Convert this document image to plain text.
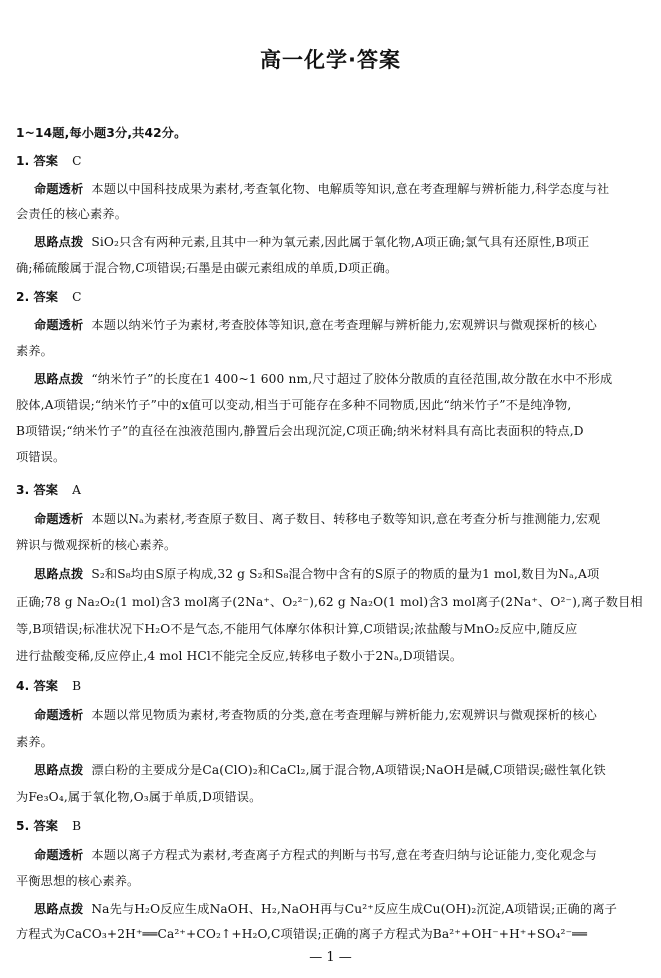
高一化学·答案
1~14题,每小题3分,共42分。
1. 答案 C
命题透析 本题以中国科技成果为素材,考查氧化物、电解质等知识,意在考查理解与辨析能力,科学态度与社
会责任的核心素养。
思路点拨 SiO₂只含有两种元素,且其中一种为氧元素,因此属于氧化物,A项正确;氯气具有还原性,B项正
确;稀硫酸属于混合物,C项错误;石墨是由碳元素组成的单质,D项正确。
2. 答案 C
命题透析 本题以纳米竹子为素材,考查胶体等知识,意在考查理解与辨析能力,宏观辨识与微观探析的核心
素养。
思路点拨 “纳米竹子”的长度在1 400~1 600 nm,尺寸超过了胶体分散质的直径范围,故分散在水中不形成
胶体,A项错误;“纳米竹子”中的x值可以变动,相当于可能存在多种不同物质,因此“纳米竹子”不是纯净物,
B项错误;“纳米竹子”的直径在浊液范围内,静置后会出现沉淀,C项正确;纳米材料具有高比表面积的特点,D
项错误。
3. 答案 A
命题透析 本题以Nₐ为素材,考查原子数目、离子数目、转移电子数等知识,意在考查分析与推测能力,宏观
辨识与微观探析的核心素养。
思路点拨 S₂和S₈均由S原子构成,32 g S₂和S₈混合物中含有的S原子的物质的量为1 mol,数目为Nₐ,A项
正确;78 g Na₂O₂(1 mol)含3 mol离子(2Na⁺、O₂²⁻),62 g Na₂O(1 mol)含3 mol离子(2Na⁺、O²⁻),离子数目相
等,B项错误;标准状况下H₂O不是气态,不能用气体摩尔体积计算,C项错误;浓盐酸与MnO₂反应中,随反应
进行盐酸变稀,反应停止,4 mol HCl不能完全反应,转移电子数小于2Nₐ,D项错误。
4. 答案 B
命题透析 本题以常见物质为素材,考查物质的分类,意在考查理解与辨析能力,宏观辨识与微观探析的核心
素养。
思路点拨 漂白粉的主要成分是Ca(ClO)₂和CaCl₂,属于混合物,A项错误;NaOH是碱,C项错误;磁性氧化铁
为Fe₃O₄,属于氧化物,O₃属于单质,D项错误。
5. 答案 B
命题透析 本题以离子方程式为素材,考查离子方程式的判断与书写,意在考查归纳与论证能力,变化观念与
平衡思想的核心素养。
思路点拨 Na先与H₂O反应生成NaOH、H₂,NaOH再与Cu²⁺反应生成Cu(OH)₂沉淀,A项错误;正确的离子
方程式为CaCO₃+2H⁺══Ca²⁺+CO₂↑+H₂O,C项错误;正确的离子方程式为Ba²⁺+OH⁻+H⁺+SO₄²⁻══
— 1 —
